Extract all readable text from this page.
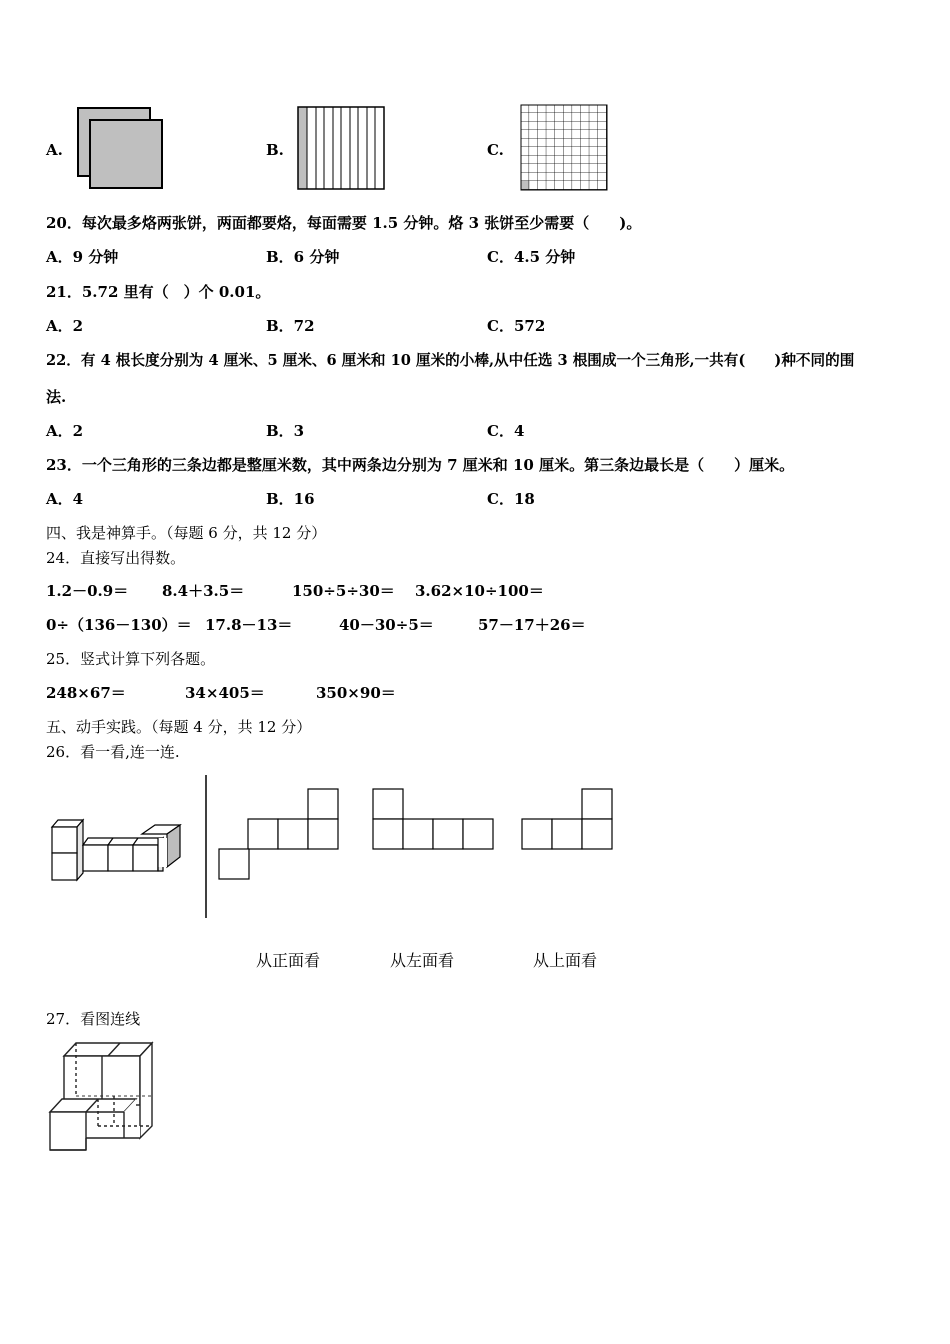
A.	B.	C.
20．每次最多烙两张饼，两面都要烙，每面需要 1.5 分钟。烙 3 张饼至少需要（　　)。
A．9 分钟	B．6 分钟	C．4.5 分钟
21．5.72 里有（　）个 0.01。
A．2	B．72	C．572
22．有 4 根长度分别为 4 厘米、5 厘米、6 厘米和 10 厘米的小棒,从中任选 3 根围成一个三角形,一共有(　　)种不同的围
法.
A．2	B．3	C．4
23．一个三角形的三条边都是整厘米数，其中两条边分别为 7 厘米和 10 厘米。第三条边最长是（　　）厘米。
A．4	B．16	C．18
四、我是神算手。（每题 6 分，共 12 分）
24．直接写出得数。
1.2－0.9＝ 8.4＋3.5＝	150÷5÷30＝ 3.62×10÷100＝
0÷（136－130）＝ 17.8－13＝	40－30÷5＝	57－17＋26＝
25．竖式计算下列各题。
248×67＝	34×405＝	350×90＝
五、动手实践。（每题 4 分，共 12 分）
26．看一看,连一连.
从正面看	从左面看	从上面看
27．看图连线
